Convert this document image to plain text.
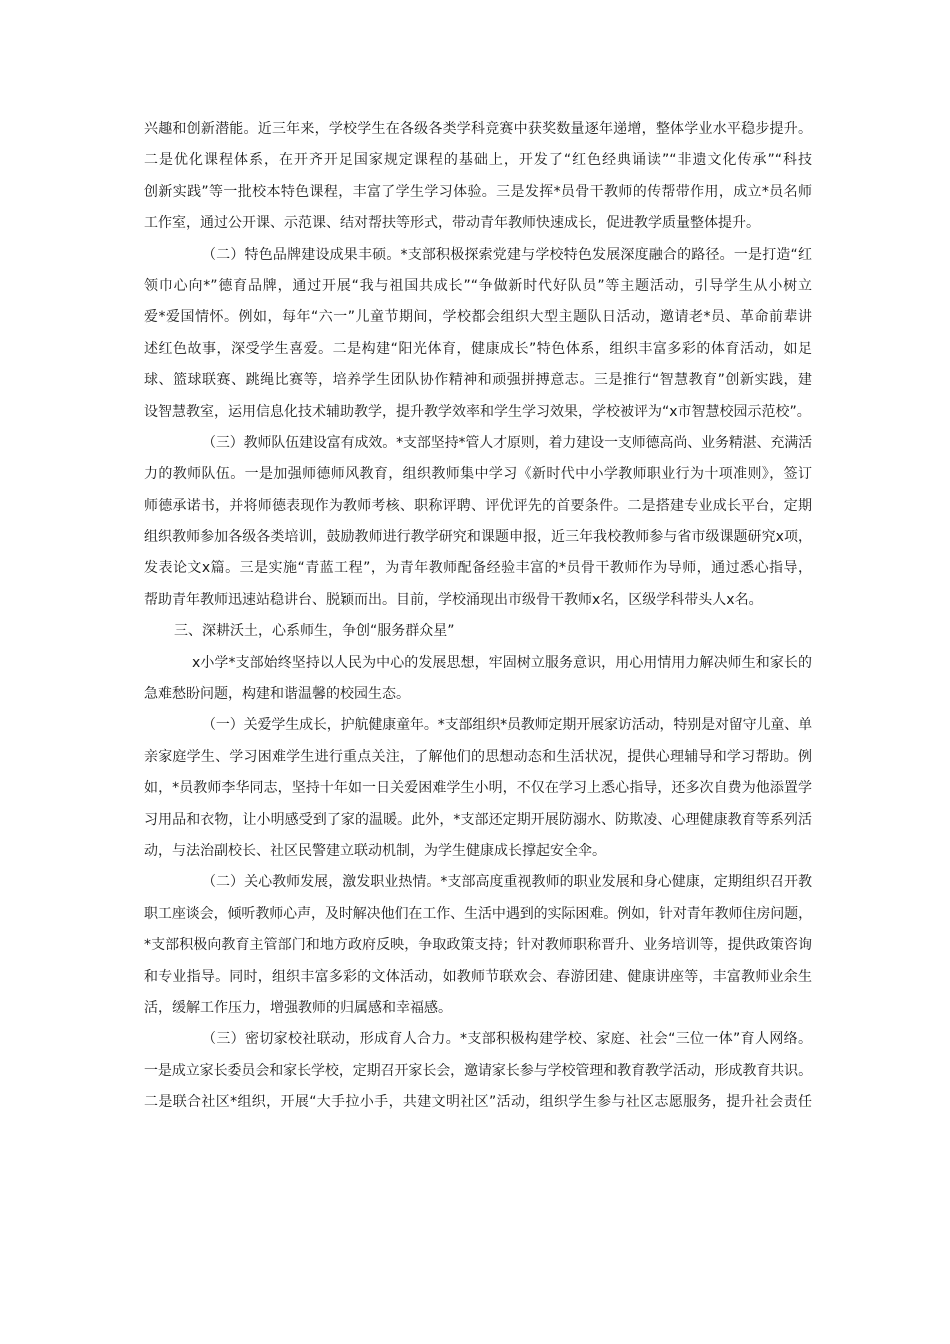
兴趣和创新潜能。近三年来，学校学生在各级各类学科竞赛中获奖数量逐年递增，整体学业水平稳步提升。
二是优化课程体系，在开齐开足国家规定课程的基础上，开发了“红色经典诵读”“非遗文化传承”“科技
创新实践”等一批校本特色课程，丰富了学生学习体验。三是发挥*员骨干教师的传帮带作用，成立*员名师
工作室，通过公开课、示范课、结对帮扶等形式，带动青年教师快速成长，促进教学质量整体提升。
（二）特色品牌建设成果丰硕。*支部积极探索党建与学校特色发展深度融合的路径。一是打造“红
领巾心向*”德育品牌，通过开展“我与祖国共成长”“争做新时代好队员”等主题活动，引导学生从小树立
爱*爱国情怀。例如，每年“六一”儿童节期间，学校都会组织大型主题队日活动，邀请老*员、革命前辈讲
述红色故事，深受学生喜爱。二是构建“阳光体育，健康成长”特色体系，组织丰富多彩的体育活动，如足
球、篮球联赛、跳绳比赛等，培养学生团队协作精神和顽强拼搏意志。三是推行“智慧教育”创新实践，建
设智慧教室，运用信息化技术辅助教学，提升教学效率和学生学习效果，学校被评为“x市智慧校园示范校”。
（三）教师队伍建设富有成效。*支部坚持*管人才原则，着力建设一支师德高尚、业务精湛、充满活
力的教师队伍。一是加强师德师风教育，组织教师集中学习《新时代中小学教师职业行为十项准则》，签订
师德承诺书，并将师德表现作为教师考核、职称评聘、评优评先的首要条件。二是搭建专业成长平台，定期
组织教师参加各级各类培训，鼓励教师进行教学研究和课题申报，近三年我校教师参与省市级课题研究x项，
发表论文x篇。三是实施“青蓝工程”，为青年教师配备经验丰富的*员骨干教师作为导师，通过悉心指导，
帮助青年教师迅速站稳讲台、脱颖而出。目前，学校涌现出市级骨干教师x名，区级学科带头人x名。
三、深耕沃土，心系师生，争创“服务群众星”
x小学*支部始终坚持以人民为中心的发展思想，牢固树立服务意识，用心用情用力解决师生和家长的
急难愁盼问题，构建和谐温馨的校园生态。
（一）关爱学生成长，护航健康童年。*支部组织*员教师定期开展家访活动，特别是对留守儿童、单
亲家庭学生、学习困难学生进行重点关注，了解他们的思想动态和生活状况，提供心理辅导和学习帮助。例
如，*员教师李华同志，坚持十年如一日关爱困难学生小明，不仅在学习上悉心指导，还多次自费为他添置学
习用品和衣物，让小明感受到了家的温暖。此外，*支部还定期开展防溺水、防欺凌、心理健康教育等系列活
动，与法治副校长、社区民警建立联动机制，为学生健康成长撑起安全伞。
（二）关心教师发展，激发职业热情。*支部高度重视教师的职业发展和身心健康，定期组织召开教
职工座谈会，倾听教师心声，及时解决他们在工作、生活中遇到的实际困难。例如，针对青年教师住房问题，
*支部积极向教育主管部门和地方政府反映，争取政策支持；针对教师职称晋升、业务培训等，提供政策咨询
和专业指导。同时，组织丰富多彩的文体活动，如教师节联欢会、春游团建、健康讲座等，丰富教师业余生
活，缓解工作压力，增强教师的归属感和幸福感。
（三）密切家校社联动，形成育人合力。*支部积极构建学校、家庭、社会“三位一体”育人网络。
一是成立家长委员会和家长学校，定期召开家长会，邀请家长参与学校管理和教育教学活动，形成教育共识。
二是联合社区*组织，开展“大手拉小手，共建文明社区”活动，组织学生参与社区志愿服务，提升社会责任
